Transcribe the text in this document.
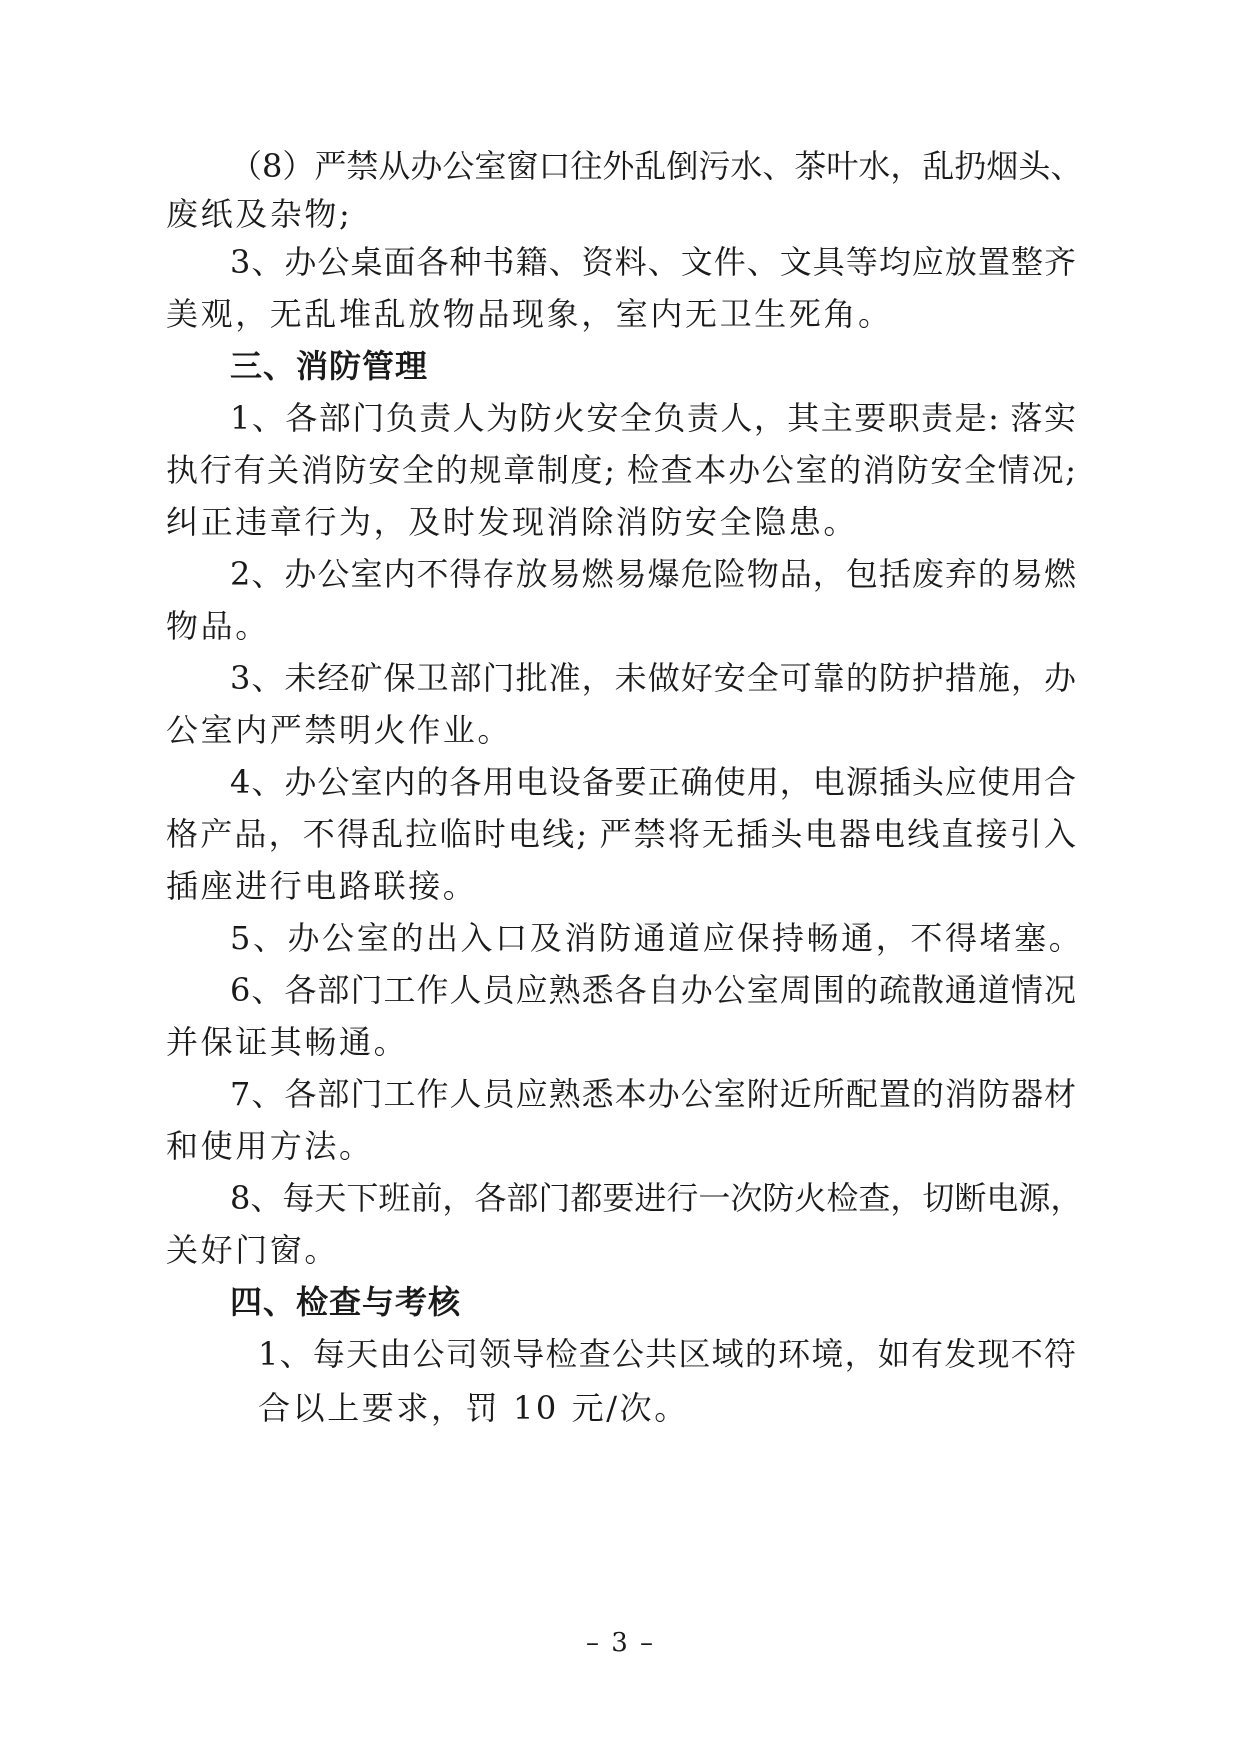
（8）严禁从办公室窗口往外乱倒污水、茶叶水，乱扔烟头、
废纸及杂物;
3、办公桌面各种书籍、资料、文件、文具等均应放置整齐
美观，无乱堆乱放物品现象，室内无卫生死角。
三、消防管理
1、各部门负责人为防火安全负责人，其主要职责是: 落实
执行有关消防安全的规章制度; 检查本办公室的消防安全情况;
纠正违章行为，及时发现消除消防安全隐患。
2、办公室内不得存放易燃易爆危险物品，包括废弃的易燃
物品。
3、未经矿保卫部门批准，未做好安全可靠的防护措施，办
公室内严禁明火作业。
4、办公室内的各用电设备要正确使用，电源插头应使用合
格产品，不得乱拉临时电线; 严禁将无插头电器电线直接引入
插座进行电路联接。
5、办公室的出入口及消防通道应保持畅通，不得堵塞。
6、各部门工作人员应熟悉各自办公室周围的疏散通道情况
并保证其畅通。
7、各部门工作人员应熟悉本办公室附近所配置的消防器材
和使用方法。
8、每天下班前，各部门都要进行一次防火检查，切断电源，
关好门窗。
四、检查与考核
1、每天由公司领导检查公共区域的环境，如有发现不符
合以上要求，罚 10 元/次。
– 3 –
